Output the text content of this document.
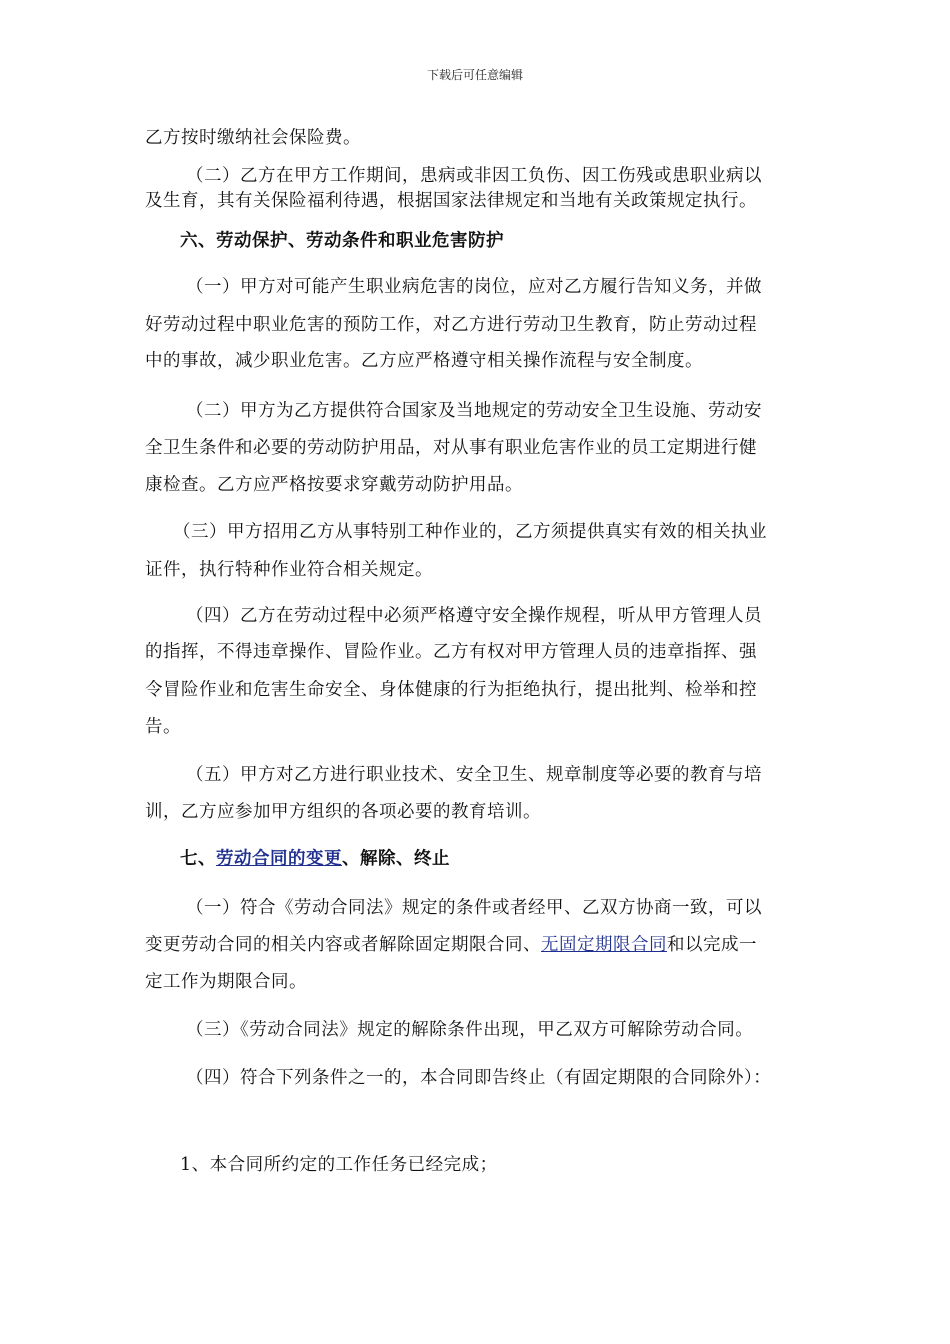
下载后可任意编辑
乙方按时缴纳社会保险费。
（二）乙方在甲方工作期间，患病或非因工负伤、因工伤残或患职业病以
及生育，其有关保险福利待遇，根据国家法律规定和当地有关政策规定执行。
六、劳动保护、劳动条件和职业危害防护
（一）甲方对可能产生职业病危害的岗位，应对乙方履行告知义务，并做
好劳动过程中职业危害的预防工作，对乙方进行劳动卫生教育，防止劳动过程
中的事故，减少职业危害。乙方应严格遵守相关操作流程与安全制度。
（二）甲方为乙方提供符合国家及当地规定的劳动安全卫生设施、劳动安
全卫生条件和必要的劳动防护用品，对从事有职业危害作业的员工定期进行健
康检查。乙方应严格按要求穿戴劳动防护用品。
（三）甲方招用乙方从事特别工种作业的，乙方须提供真实有效的相关执业
证件，执行特种作业符合相关规定。
（四）乙方在劳动过程中必须严格遵守安全操作规程，听从甲方管理人员
的指挥，不得违章操作、冒险作业。乙方有权对甲方管理人员的违章指挥、强
令冒险作业和危害生命安全、身体健康的行为拒绝执行，提出批判、检举和控
告。
（五）甲方对乙方进行职业技术、安全卫生、规章制度等必要的教育与培
训，乙方应参加甲方组织的各项必要的教育培训。
七、劳动合同的变更、解除、终止
（一）符合《劳动合同法》规定的条件或者经甲、乙双方协商一致，可以
变更劳动合同的相关内容或者解除固定期限合同、无固定期限合同和以完成一
定工作为期限合同。
（三）《劳动合同法》规定的解除条件出现，甲乙双方可解除劳动合同。
（四）符合下列条件之一的，本合同即告终止（有固定期限的合同除外）：
1、本合同所约定的工作任务已经完成；
